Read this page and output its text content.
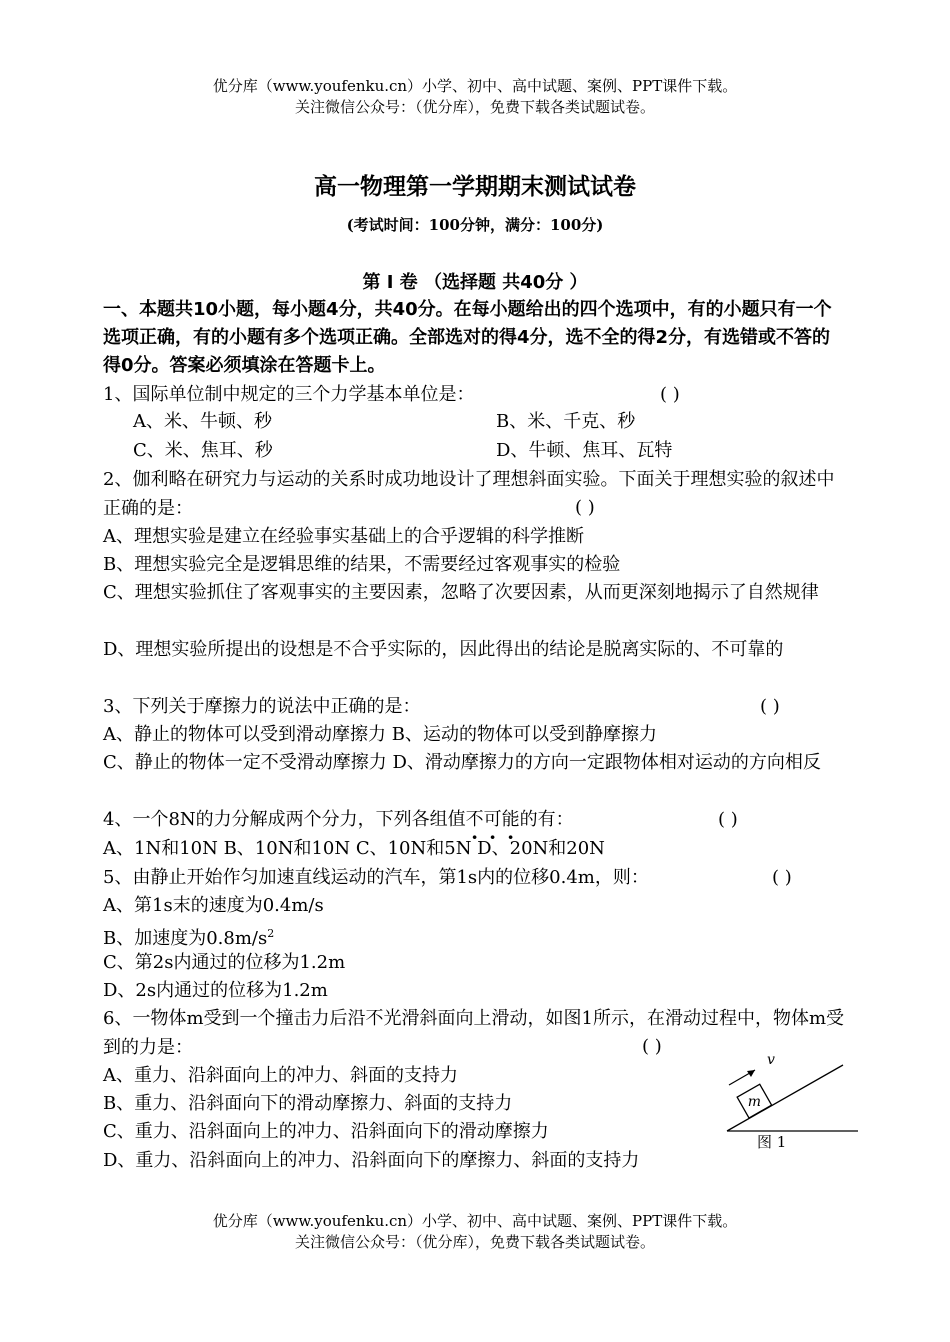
优分库（www.youfenku.cn）小学、初中、高中试题、案例、PPT课件下载。
关注微信公众号：（优分库），免费下载各类试题试卷。
高一物理第一学期期末测试试卷
(考试时间：100分钟，满分：100分)
第 I 卷 （选择题 共40分 ）
一、本题共10小题，每小题4分，共40分。在每小题给出的四个选项中，有的小题只有一个选项正确，有的小题有多个选项正确。全部选对的得4分，选不全的得2分，有选错或不答的得0分。答案必须填涂在答题卡上。
1、国际单位制中规定的三个力学基本单位是：	( )
A、米、牛顿、秒	B、米、千克、秒
C、米、焦耳、秒	D、牛顿、焦耳、瓦特
2、伽利略在研究力与运动的关系时成功地设计了理想斜面实验。下面关于理想实验的叙述中正确的是：	( )
A、理想实验是建立在经验事实基础上的合乎逻辑的科学推断
B、理想实验完全是逻辑思维的结果，不需要经过客观事实的检验
C、理想实验抓住了客观事实的主要因素，忽略了次要因素，从而更深刻地揭示了自然规律
D、理想实验所提出的设想是不合乎实际的，因此得出的结论是脱离实际的、不可靠的
3、下列关于摩擦力的说法中正确的是：	( )
A、静止的物体可以受到滑动摩擦力 B、运动的物体可以受到静摩擦力
C、静止的物体一定不受滑动摩擦力 D、滑动摩擦力的方向一定跟物体相对运动的方向相反
4、一个8N的力分解成两个分力，下列各组值不可能的有：	( )
A、1N和10N B、10N和10N C、10N和5N D、20N和20N
5、由静止开始作匀加速直线运动的汽车，第1s内的位移0.4m，则：	( )
A、第1s末的速度为0.4m/s
B、加速度为$0.8m/s^2$
C、第2s内通过的位移为1.2m
D、2s内通过的位移为1.2m
6、一物体m受到一个撞击力后沿不光滑斜面向上滑动，如图1所示，在滑动过程中，物体m受到的力是：	( )
A、重力、沿斜面向上的冲力、斜面的支持力
B、重力、沿斜面向下的滑动摩擦力、斜面的支持力
C、重力、沿斜面向上的冲力、沿斜面向下的滑动摩擦力
D、重力、沿斜面向上的冲力、沿斜面向下的摩擦力、斜面的支持力
m
v
图 1
优分库（www.youfenku.cn）小学、初中、高中试题、案例、PPT课件下载。
关注微信公众号：（优分库），免费下载各类试题试卷。
